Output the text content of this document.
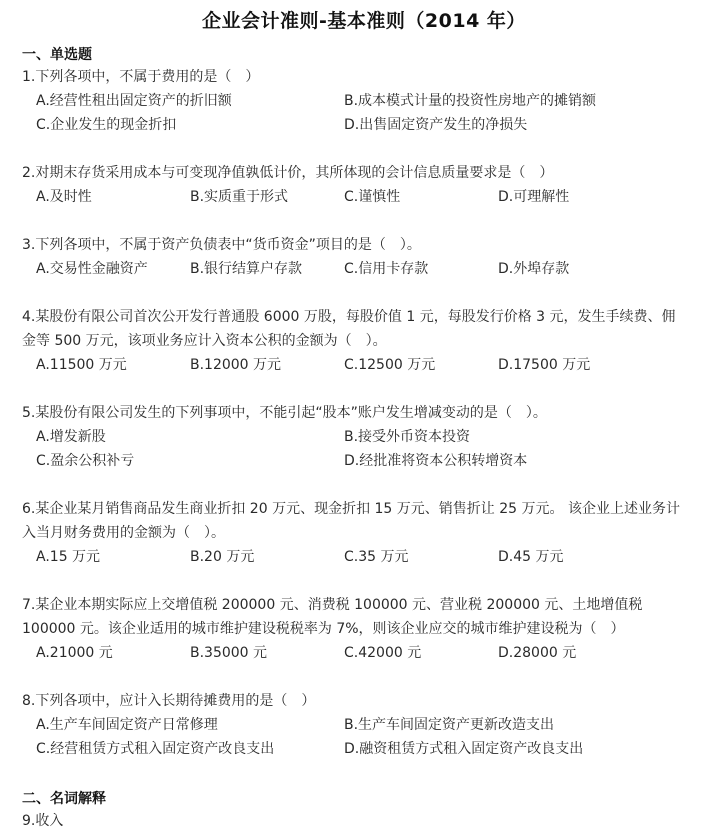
企业会计准则-基本准则（2014 年）
一、单选题

1.下列各项中，不属于费用的是（　）

A.经营性租出固定资产的折旧额	B.成本模式计量的投资性房地产的摊销额
C.企业发生的现金折扣	D.出售固定资产发生的净损失

2.对期末存货采用成本与可变现净值孰低计价，其所体现的会计信息质量要求是（　）

A.及时性	B.实质重于形式	C.谨慎性	D.可理解性

3.下列各项中，不属于资产负债表中“货币资金”项目的是（　）。

A.交易性金融资产	B.银行结算户存款	C.信用卡存款	D.外埠存款

4.某股份有限公司首次公开发行普通股 6000 万股，每股价值 1 元，每股发行价格 3 元，发生手续费、佣金等 500 万元，该项业务应计入资本公积的金额为（　）。

A.11500 万元	B.12000 万元	C.12500 万元	D.17500 万元

5.某股份有限公司发生的下列事项中，不能引起“股本”账户发生增减变动的是（　）。

A.增发新股	B.接受外币资本投资
C.盈余公积补亏	D.经批准将资本公积转增资本

6.某企业某月销售商品发生商业折扣 20 万元、现金折扣 15 万元、销售折让 25 万元。 该企业上述业务计入当月财务费用的金额为（　）。

A.15 万元	B.20 万元	C.35 万元	D.45 万元

7.某企业本期实际应上交增值税 200000 元、消费税 100000 元、营业税 200000 元、土地增值税 100000 元。该企业适用的城市维护建设税税率为 7%，则该企业应交的城市维护建设税为（　）

A.21000 元	B.35000 元	C.42000 元	D.28000 元

8.下列各项中，应计入长期待摊费用的是（　）

A.生产车间固定资产日常修理	B.生产车间固定资产更新改造支出
C.经营租赁方式租入固定资产改良支出	D.融资租赁方式租入固定资产改良支出
二、名词解释

9.收入
